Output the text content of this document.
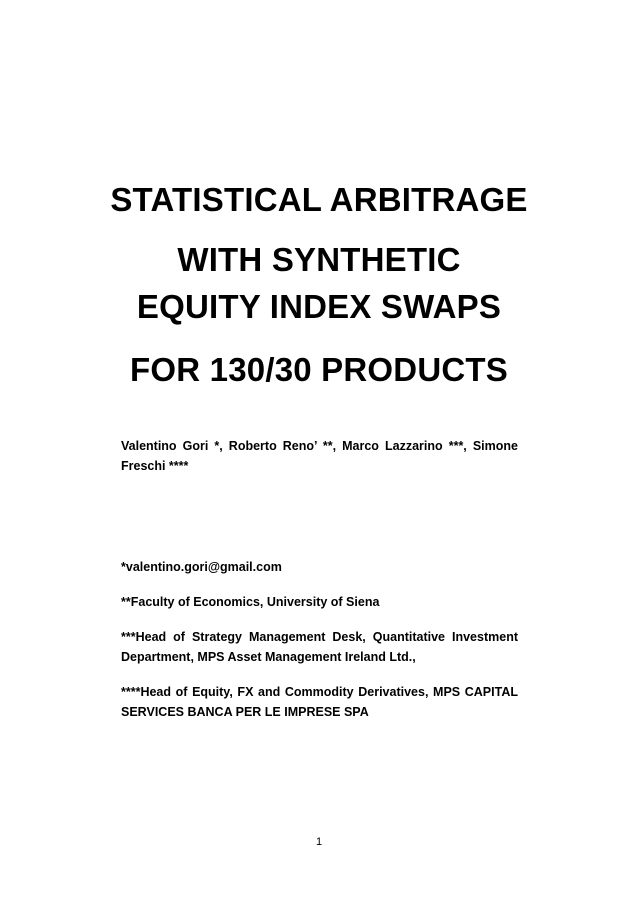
STATISTICAL ARBITRAGE
WITH SYNTHETIC
EQUITY INDEX SWAPS
FOR 130/30 PRODUCTS
Valentino Gori *, Roberto Reno’ **, Marco Lazzarino ***, Simone Freschi ****
*valentino.gori@gmail.com
**Faculty of Economics, University of Siena
***Head of Strategy Management Desk, Quantitative Investment Department, MPS Asset Management Ireland Ltd.,
****Head of Equity, FX and Commodity Derivatives, MPS CAPITAL SERVICES BANCA PER LE IMPRESE SPA
1
